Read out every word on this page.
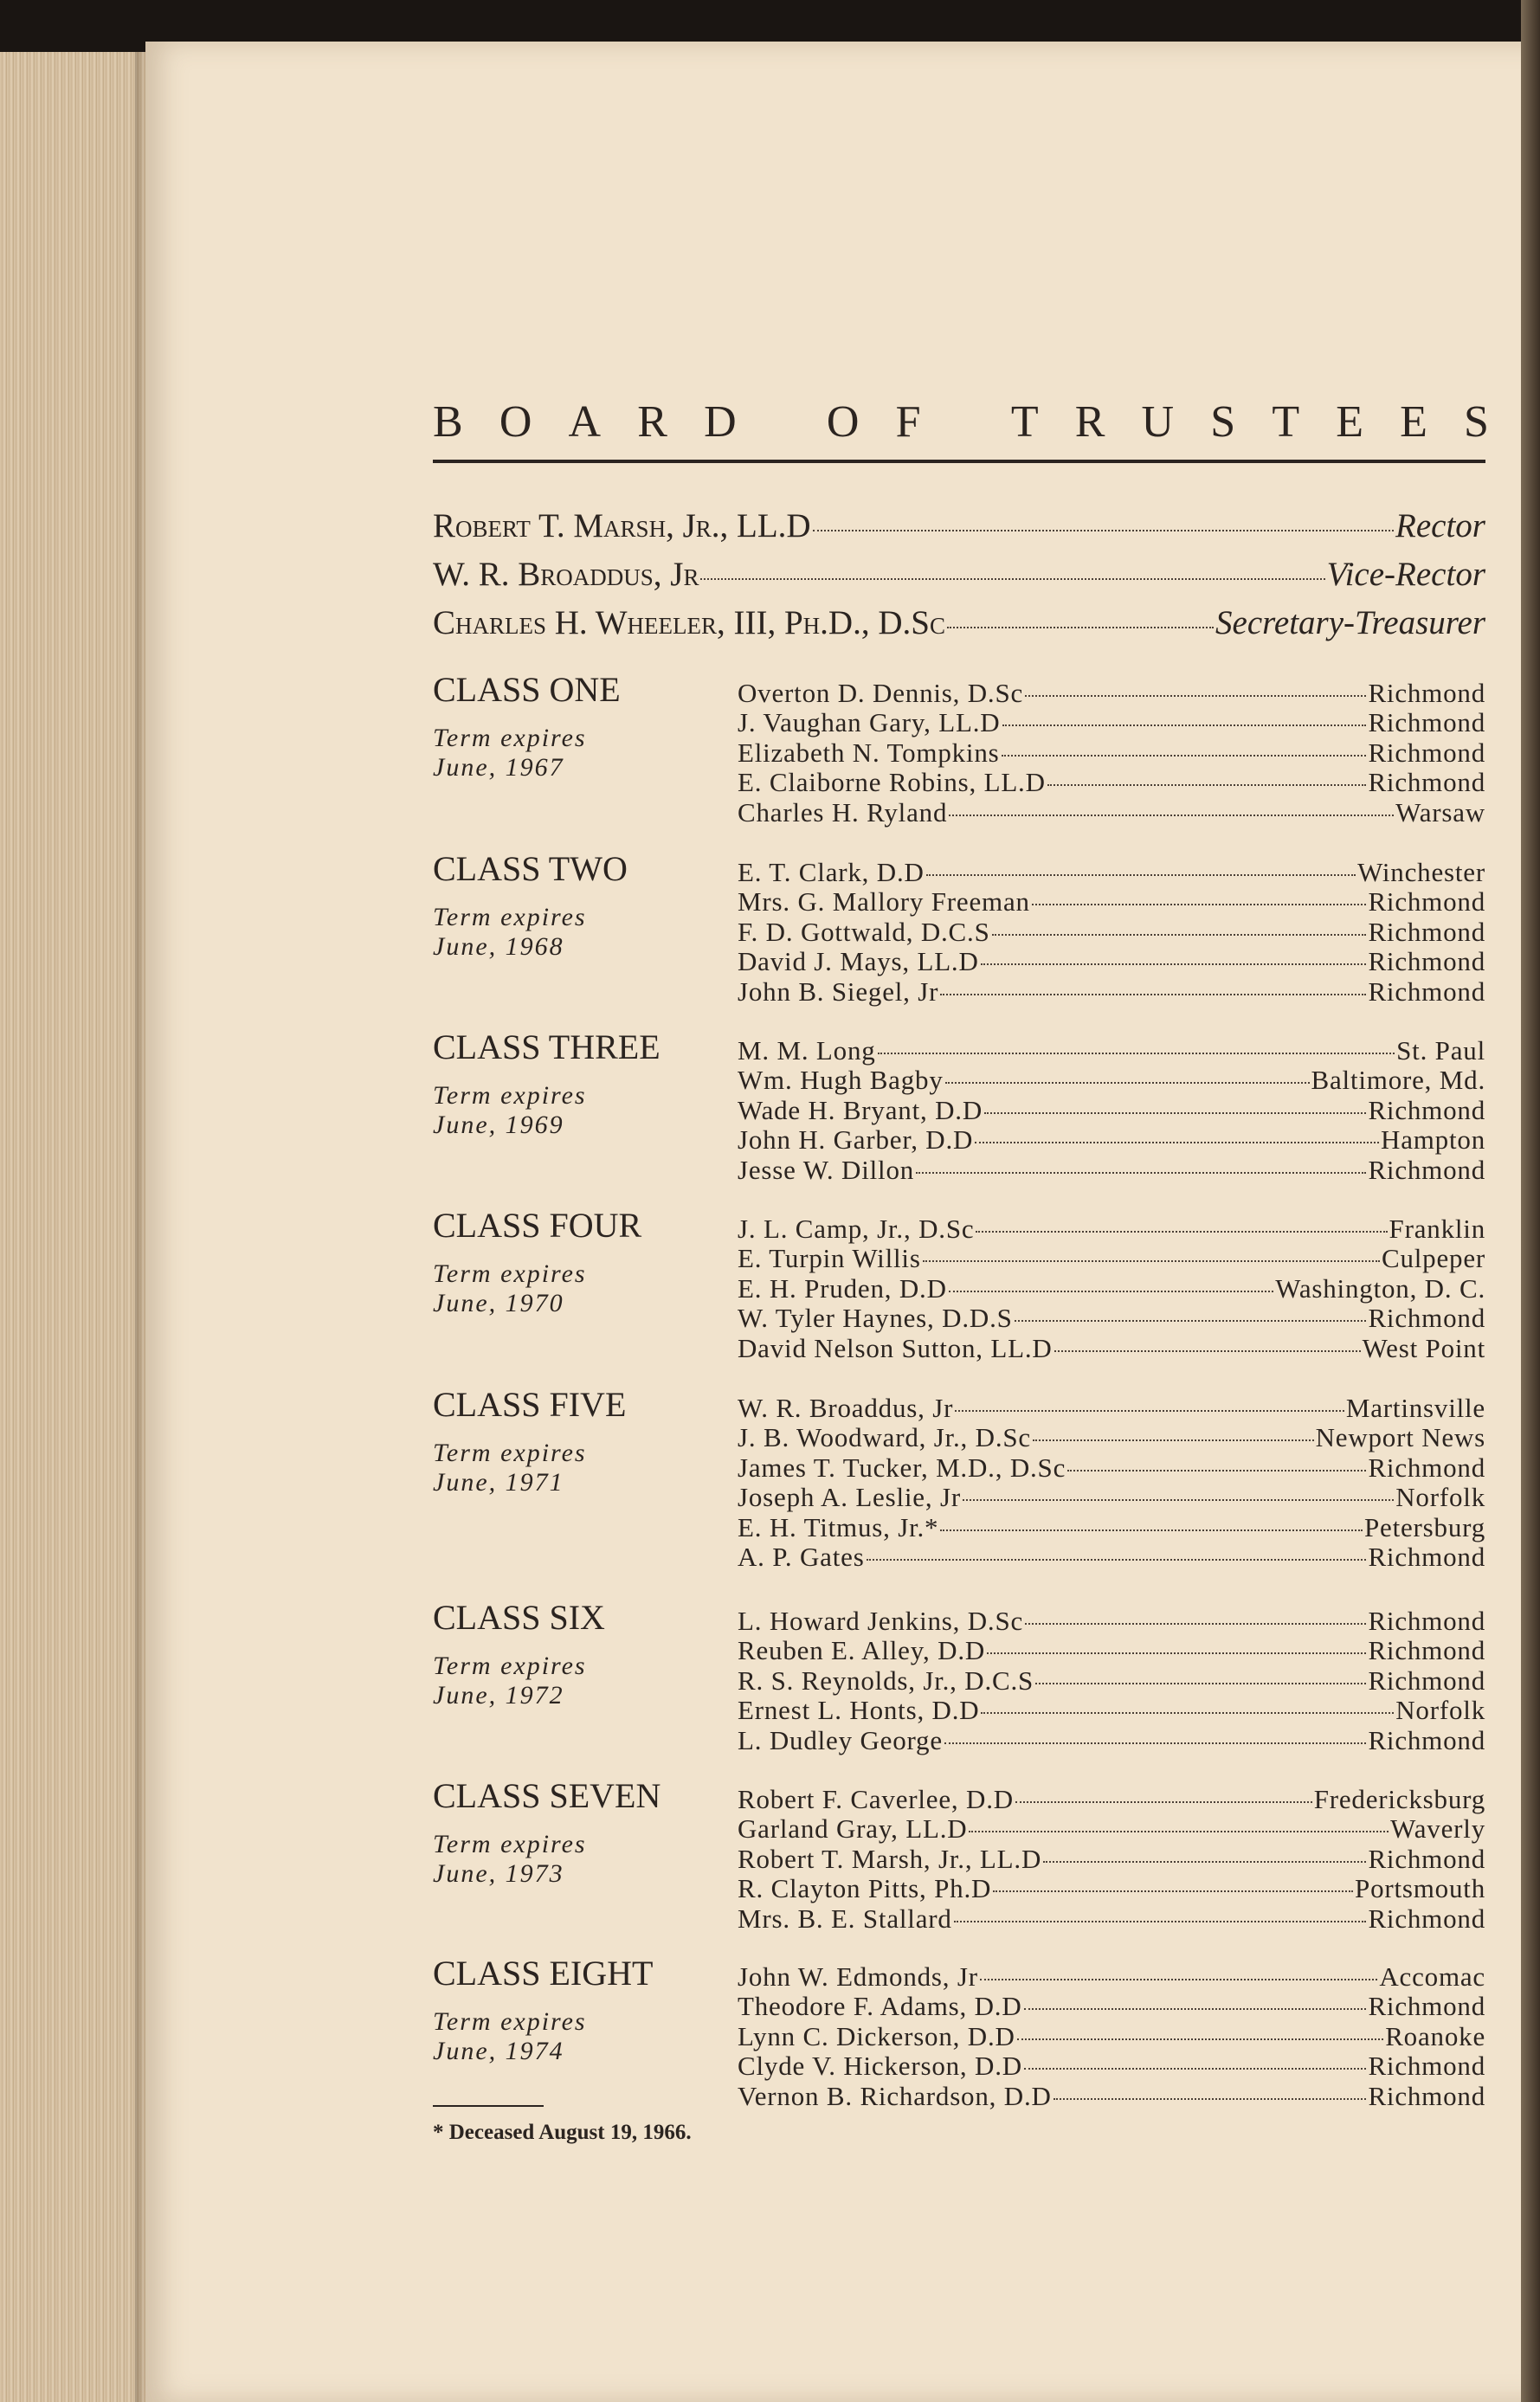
B O A R D O F T R U S T E E S
Robert T. Marsh, Jr., LL.D	Rector
W. R. Broaddus, Jr	Vice-Rector
Charles H. Wheeler, III, Ph.D., D.Sc	Secretary-Treasurer
CLASS ONE
Term expires
June, 1967
Overton D. Dennis, D.Sc	Richmond
J. Vaughan Gary, LL.D	Richmond
Elizabeth N. Tompkins	Richmond
E. Claiborne Robins, LL.D	Richmond
Charles H. Ryland	Warsaw
CLASS TWO
Term expires
June, 1968
E. T. Clark, D.D	Winchester
Mrs. G. Mallory Freeman	Richmond
F. D. Gottwald, D.C.S	Richmond
David J. Mays, LL.D	Richmond
John B. Siegel, Jr	Richmond
CLASS THREE
Term expires
June, 1969
M. M. Long	St. Paul
Wm. Hugh Bagby	Baltimore, Md.
Wade H. Bryant, D.D	Richmond
John H. Garber, D.D	Hampton
Jesse W. Dillon	Richmond
CLASS FOUR
Term expires
June, 1970
J. L. Camp, Jr., D.Sc	Franklin
E. Turpin Willis	Culpeper
E. H. Pruden, D.D	Washington, D. C.
W. Tyler Haynes, D.D.S	Richmond
David Nelson Sutton, LL.D	West Point
CLASS FIVE
Term expires
June, 1971
W. R. Broaddus, Jr	Martinsville
J. B. Woodward, Jr., D.Sc	Newport News
James T. Tucker, M.D., D.Sc	Richmond
Joseph A. Leslie, Jr	Norfolk
E. H. Titmus, Jr.*	Petersburg
A. P. Gates	Richmond
CLASS SIX
Term expires
June, 1972
L. Howard Jenkins, D.Sc	Richmond
Reuben E. Alley, D.D	Richmond
R. S. Reynolds, Jr., D.C.S	Richmond
Ernest L. Honts, D.D	Norfolk
L. Dudley George	Richmond
CLASS SEVEN
Term expires
June, 1973
Robert F. Caverlee, D.D	Fredericksburg
Garland Gray, LL.D	Waverly
Robert T. Marsh, Jr., LL.D	Richmond
R. Clayton Pitts, Ph.D	Portsmouth
Mrs. B. E. Stallard	Richmond
CLASS EIGHT
Term expires
June, 1974
John W. Edmonds, Jr	Accomac
Theodore F. Adams, D.D	Richmond
Lynn C. Dickerson, D.D	Roanoke
Clyde V. Hickerson, D.D	Richmond
Vernon B. Richardson, D.D	Richmond
* Deceased August 19, 1966.
